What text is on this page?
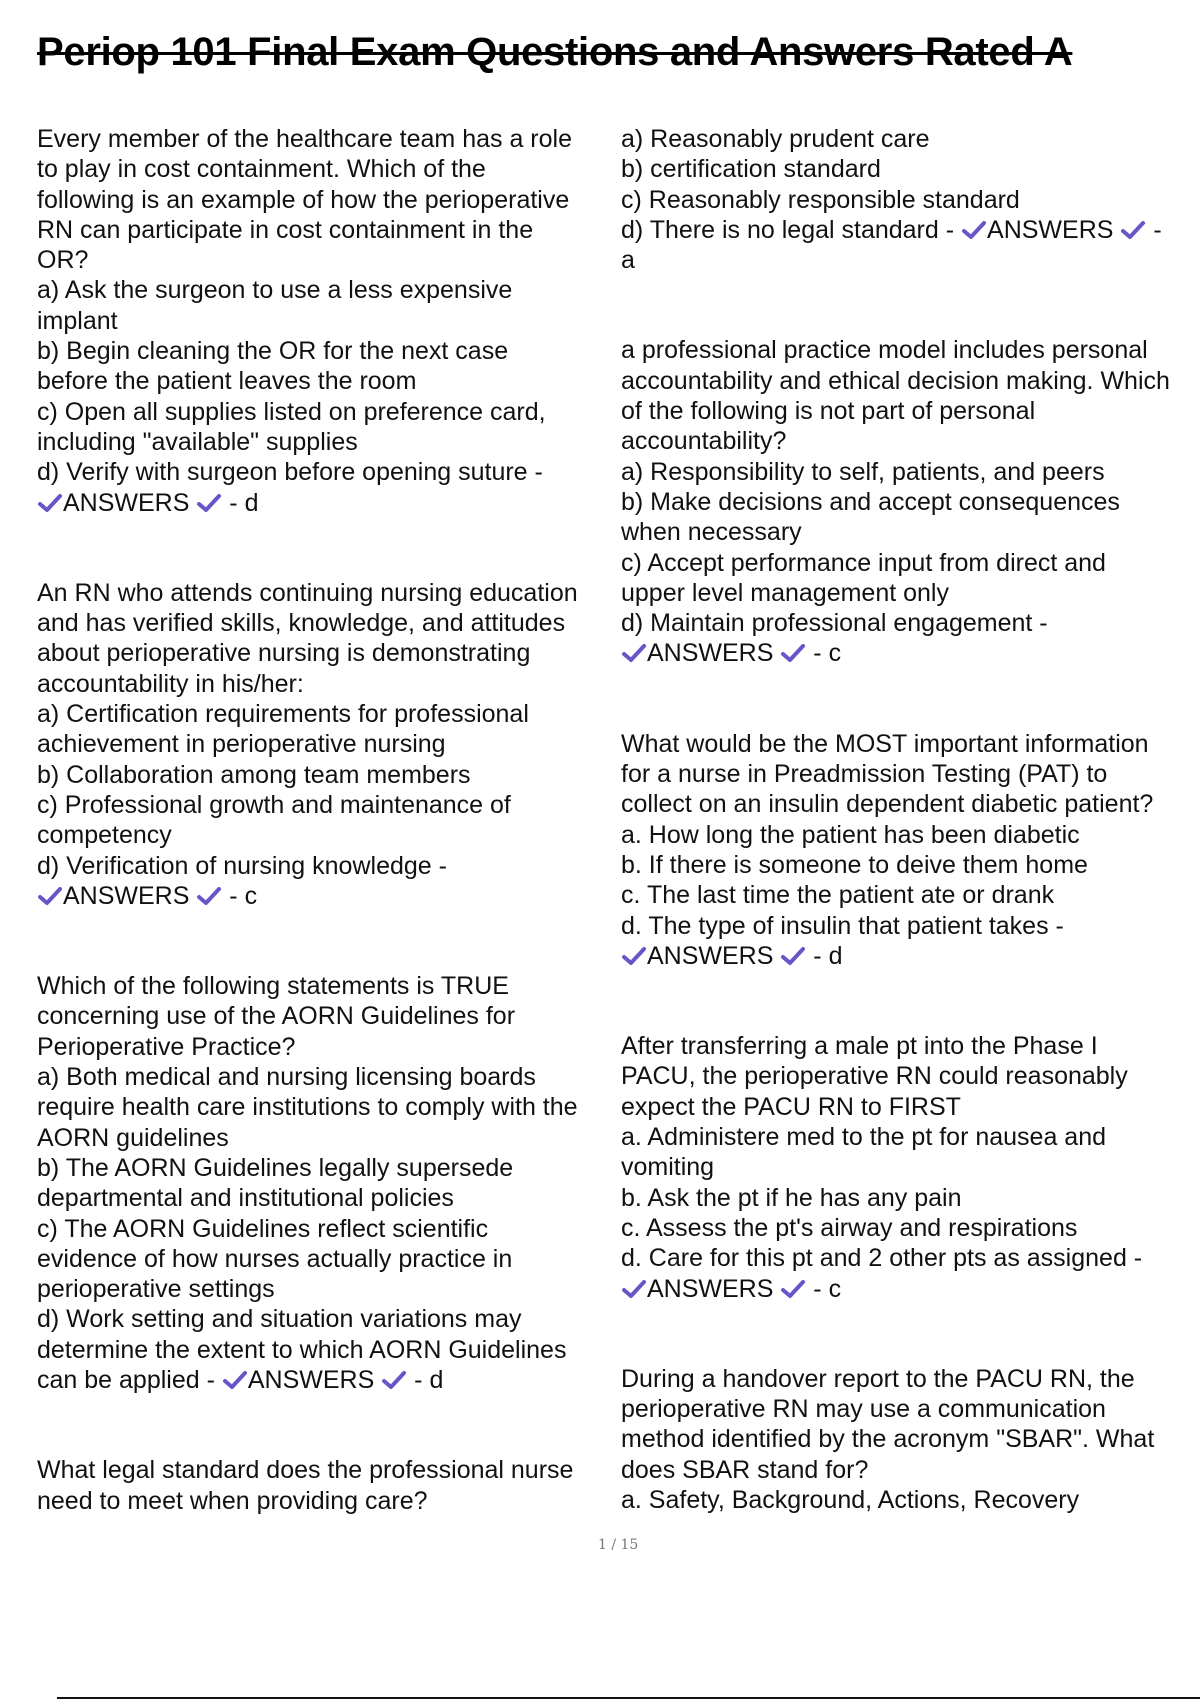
Periop 101 Final Exam Questions and Answers Rated A

Every member of the healthcare team has a role

to play in cost containment. Which of the

following is an example of how the perioperative

RN can participate in cost containment in the

OR?

a) Ask the surgeon to use a less expensive

implant

b) Begin cleaning the OR for the next case

before the patient leaves the room

c) Open all supplies listed on preference card,

including "available" supplies

d) Verify with surgeon before opening suture -

ANSWERS
- d

An RN who attends continuing nursing education

and has verified skills, knowledge, and attitudes

about perioperative nursing is demonstrating

accountability in his/her:

a) Certification requirements for professional

achievement in perioperative nursing

b) Collaboration among team members

c) Professional growth and maintenance of

competency

d) Verification of nursing knowledge -

ANSWERS
- c

Which of the following statements is TRUE

concerning use of the AORN Guidelines for

Perioperative Practice?

a) Both medical and nursing licensing boards

require health care institutions to comply with the

AORN guidelines

b) The AORN Guidelines legally supersede

departmental and institutional policies

c) The AORN Guidelines reflect scientific

evidence of how nurses actually practice in

perioperative settings

d) Work setting and situation variations may

determine the extent to which AORN Guidelines

can be applied - ANSWERS
- d

What legal standard does the professional nurse

need to meet when providing care?

a) Reasonably prudent care

b) certification standard

c) Reasonably responsible standard

d) There is no legal standard - ANSWERS
-

a

a professional practice model includes personal

accountability and ethical decision making. Which

of the following is not part of personal

accountability?

a) Responsibility to self, patients, and peers

b) Make decisions and accept consequences

when necessary

c) Accept performance input from direct and

upper level management only

d) Maintain professional engagement -

ANSWERS
- c

What would be the MOST important information

for a nurse in Preadmission Testing (PAT) to

collect on an insulin dependent diabetic patient?

a. How long the patient has been diabetic

b. If there is someone to deive them home

c. The last time the patient ate or drank

d. The type of insulin that patient takes -

ANSWERS
- d

After transferring a male pt into the Phase I

PACU, the perioperative RN could reasonably

expect the PACU RN to FIRST

a. Administere med to the pt for nausea and

vomiting

b. Ask the pt if he has any pain

c. Assess the pt's airway and respirations

d. Care for this pt and 2 other pts as assigned -

ANSWERS
- c

During a handover report to the PACU RN, the

perioperative RN may use a communication

method identified by the acronym "SBAR". What

does SBAR stand for?

a. Safety, Background, Actions, Recovery

1 / 15
